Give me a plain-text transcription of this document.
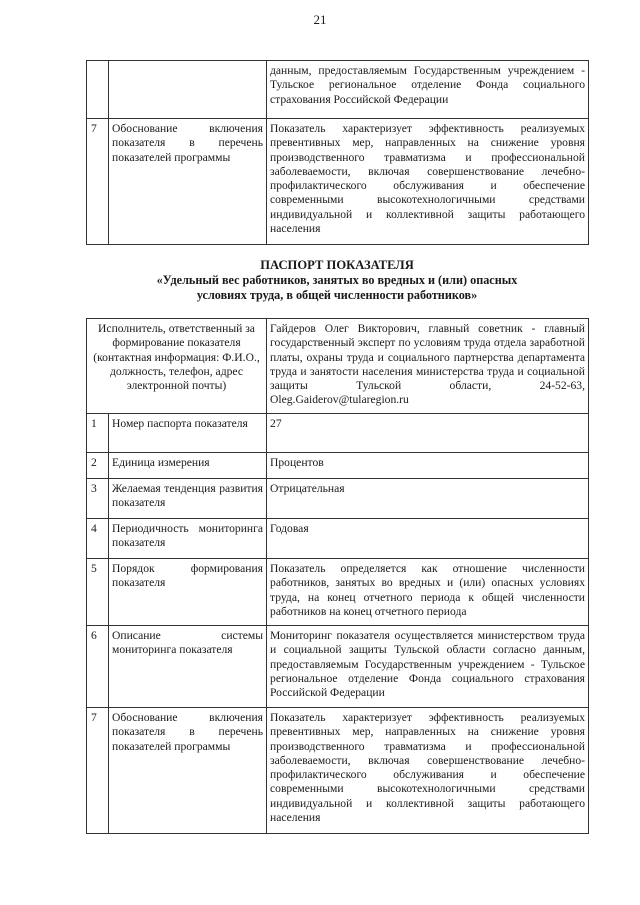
21
		данным, предоставляемым Государственным учреждением - Тульское региональное отделение Фонда социального страхования Российской Федерации
7	Обоснование включения показателя в перечень показателей программы	Показатель характеризует эффективность реализуемых превентивных мер, направленных на снижение уровня производственного травматизма и профессиональной заболеваемости, включая совершенствование лечебно-профилактического обслуживания и обеспечение современными высокотехнологичными средствами индивидуальной и коллективной защиты работающего населения
ПАСПОРТ ПОКАЗАТЕЛЯ
«Удельный вес работников, занятых во вредных и (или) опасных
условиях труда, в общей численности работников»
Исполнитель, ответственный за формирование показателя (контактная информация: Ф.И.О., должность, телефон, адрес электронной почты)		Гайдеров Олег Викторович, главный советник - главный государственный эксперт по условиям труда отдела заработной платы, охраны труда и социального партнерства департамента труда и занятости населения министерства труда и социальной защиты Тульской области, 24-52-63, Oleg.Gaiderov@tularegion.ru
1	Номер паспорта показателя	27
2	Единица измерения	Процентов
3	Желаемая тенденция развития показателя	Отрицательная
4	Периодичность мониторинга показателя	Годовая
5	Порядок формирования показателя	Показатель определяется как отношение численности работников, занятых во вредных и (или) опасных условиях труда, на конец отчетного периода к общей численности работников на конец отчетного периода
6	Описание системы мониторинга показателя	Мониторинг показателя осуществляется министерством труда и социальной защиты Тульской области согласно данным, предоставляемым Государственным учреждением - Тульское региональное отделение Фонда социального страхования Российской Федерации
7	Обоснование включения показателя в перечень показателей программы	Показатель характеризует эффективность реализуемых превентивных мер, направленных на снижение уровня производственного травматизма и профессиональной заболеваемости, включая совершенствование лечебно-профилактического обслуживания и обеспечение современными высокотехнологичными средствами индивидуальной и коллективной защиты работающего населения
